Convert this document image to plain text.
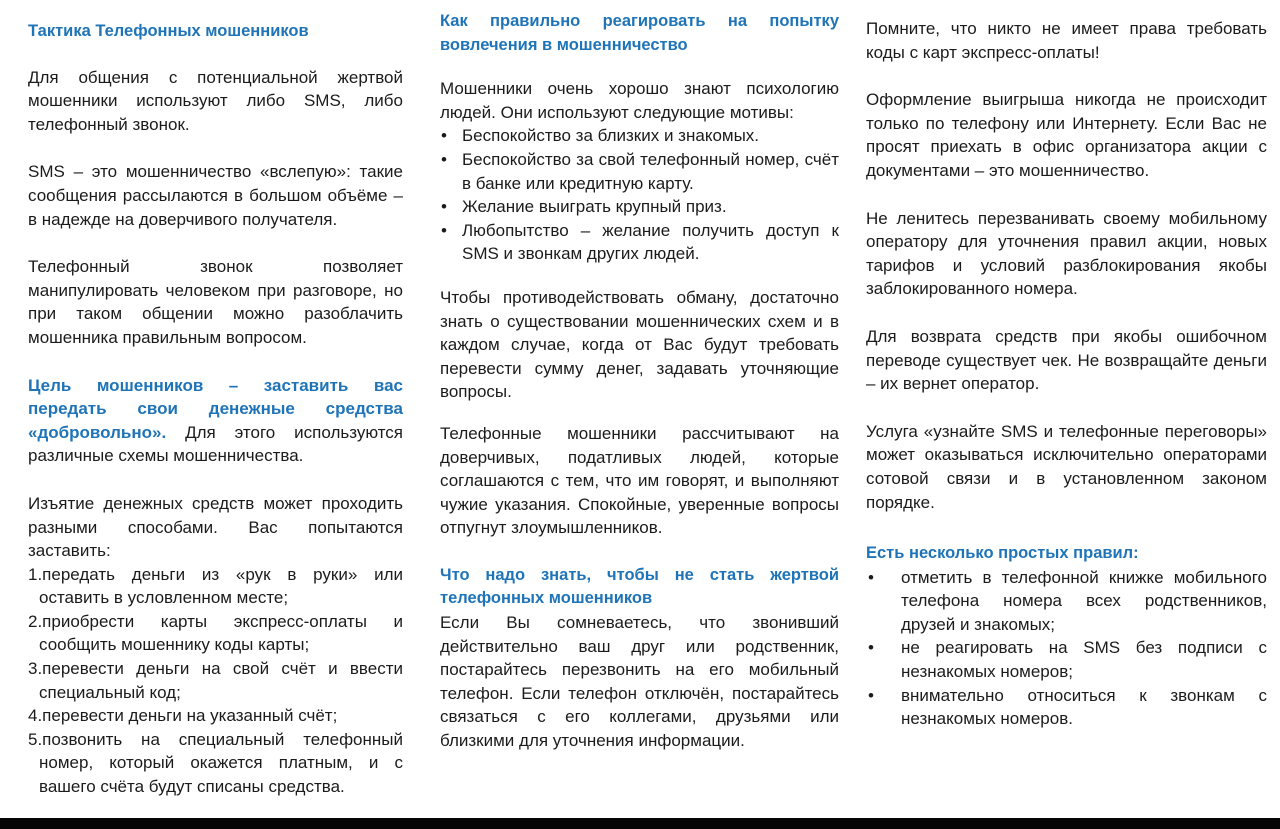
Тактика Телефонных мошенников

Для общения с потенциальной жертвой мошенники используют либо SMS, либо телефонный звонок.

SMS – это мошенничество «вслепую»: такие сообщения рассылаются в большом объёме – в надежде на доверчивого получателя.

Телефонный звонок позволяет манипулировать человеком при разговоре, но при таком общении можно разоблачить мошенника правильным вопросом.

Цель мошенников – заставить вас передать свои денежные средства «добровольно». Для этого используются различные схемы мошенничества.

Изъятие денежных средств может проходить разными способами. Вас попытаются заставить:

1.передать деньги из «рук в руки» или оставить в условленном месте;
2.приобрести карты экспресс-оплаты и сообщить мошеннику коды карты;
3.перевести деньги на свой счёт и ввести специальный код;
4.перевести деньги на указанный счёт;
5.позвонить на специальный телефонный номер, который окажется платным, и с вашего счёта будут списаны средства.
Как правильно реагировать на попытку вовлечения в мошенничество

Мошенники очень хорошо знают психологию людей. Они используют следующие мотивы:

• Беспокойство за близких и знакомых.
• Беспокойство за свой телефонный номер, счёт в банке или кредитную карту.
• Желание выиграть крупный приз.
• Любопытство – желание получить доступ к SMS и звонкам других людей.

Чтобы противодействовать обману, достаточно знать о существовании мошеннических схем и в каждом случае, когда от Вас будут требовать перевести сумму денег, задавать уточняющие вопросы.

Телефонные мошенники рассчитывают на доверчивых, податливых людей, которые соглашаются с тем, что им говорят, и выполняют чужие указания. Спокойные, уверенные вопросы отпугнут злоумышленников.

Что надо знать, чтобы не стать жертвой телефонных мошенников

Если Вы сомневаетесь, что звонивший действительно ваш друг или родственник, постарайтесь перезвонить на его мобильный телефон. Если телефон отключён, постарайтесь связаться с его коллегами, друзьями или близкими для уточнения информации.

Помните, что никто не имеет права требовать коды с карт экспресс-оплаты!

Оформление выигрыша никогда не происходит только по телефону или Интернету. Если Вас не просят приехать в офис организатора акции с документами – это мошенничество.

Не ленитесь перезванивать своему мобильному оператору для уточнения правил акции, новых тарифов и условий разблокирования якобы заблокированного номера.

Для возврата средств при якобы ошибочном переводе существует чек. Не возвращайте деньги – их вернет оператор.

Услуга «узнайте SMS и телефонные переговоры» может оказываться исключительно операторами сотовой связи и в установленном законом порядке.

Есть несколько простых правил:
• отметить в телефонной книжке мобильного телефона номера всех родственников, друзей и знакомых;
• не реагировать на SMS без подписи с незнакомых номеров;
• внимательно относиться к звонкам с незнакомых номеров.
